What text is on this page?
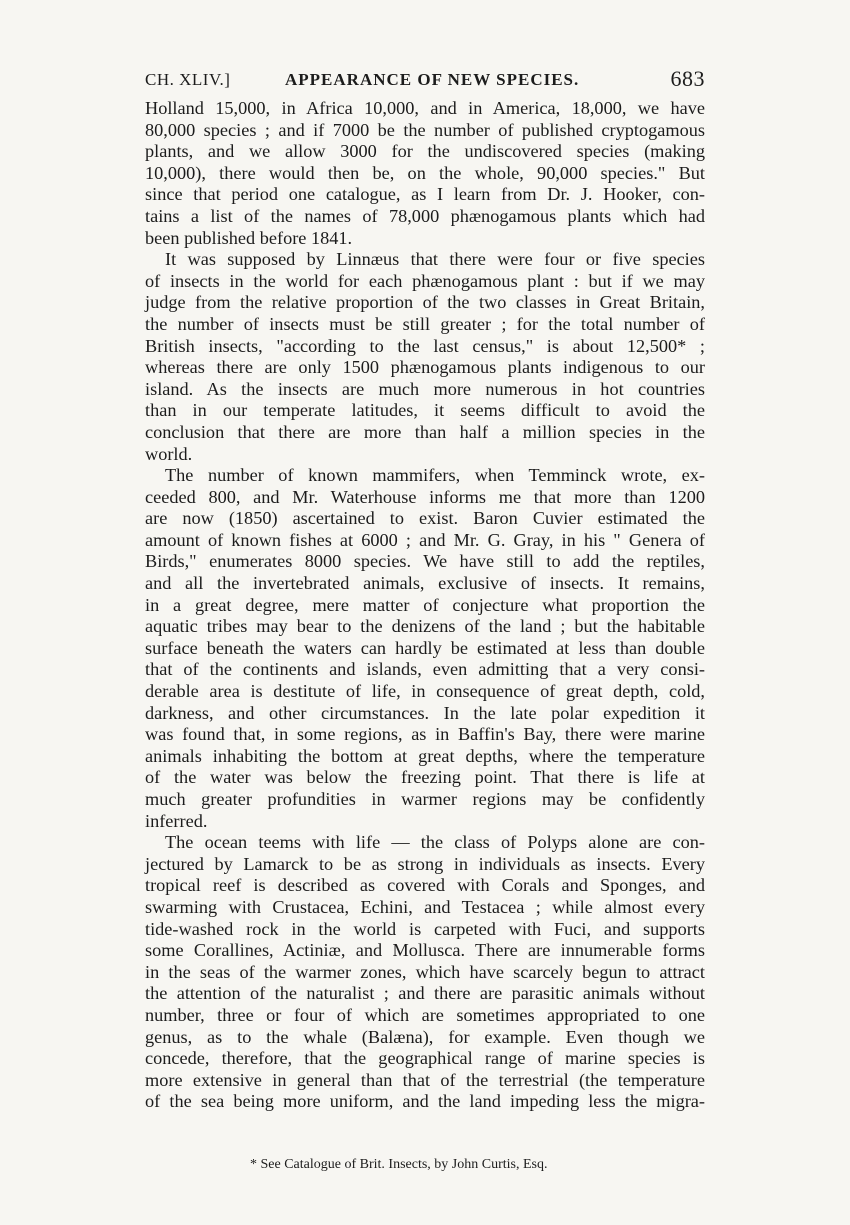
CH. XLIV.]	APPEARANCE OF NEW SPECIES.	683
Holland 15,000, in Africa 10,000, and in America, 18,000, we have
80,000 species ; and if 7000 be the number of published cryptogamous
plants, and we allow 3000 for the undiscovered species (making
10,000), there would then be, on the whole, 90,000 species." But
since that period one catalogue, as I learn from Dr. J. Hooker, con-
tains a list of the names of 78,000 phænogamous plants which had
been published before 1841.
It was supposed by Linnæus that there were four or five species
of insects in the world for each phænogamous plant : but if we may
judge from the relative proportion of the two classes in Great Britain,
the number of insects must be still greater ; for the total number of
British insects, "according to the last census," is about 12,500* ;
whereas there are only 1500 phænogamous plants indigenous to our
island. As the insects are much more numerous in hot countries
than in our temperate latitudes, it seems difficult to avoid the
conclusion that there are more than half a million species in the
world.
The number of known mammifers, when Temminck wrote, ex-
ceeded 800, and Mr. Waterhouse informs me that more than 1200
are now (1850) ascertained to exist. Baron Cuvier estimated the
amount of known fishes at 6000 ; and Mr. G. Gray, in his " Genera of
Birds," enumerates 8000 species. We have still to add the reptiles,
and all the invertebrated animals, exclusive of insects. It remains,
in a great degree, mere matter of conjecture what proportion the
aquatic tribes may bear to the denizens of the land ; but the habitable
surface beneath the waters can hardly be estimated at less than double
that of the continents and islands, even admitting that a very consi-
derable area is destitute of life, in consequence of great depth, cold,
darkness, and other circumstances. In the late polar expedition it
was found that, in some regions, as in Baffin's Bay, there were marine
animals inhabiting the bottom at great depths, where the temperature
of the water was below the freezing point. That there is life at
much greater profundities in warmer regions may be confidently
inferred.
The ocean teems with life — the class of Polyps alone are con-
jectured by Lamarck to be as strong in individuals as insects. Every
tropical reef is described as covered with Corals and Sponges, and
swarming with Crustacea, Echini, and Testacea ; while almost every
tide-washed rock in the world is carpeted with Fuci, and supports
some Corallines, Actiniæ, and Mollusca. There are innumerable forms
in the seas of the warmer zones, which have scarcely begun to attract
the attention of the naturalist ; and there are parasitic animals without
number, three or four of which are sometimes appropriated to one
genus, as to the whale (Balæna), for example. Even though we
concede, therefore, that the geographical range of marine species is
more extensive in general than that of the terrestrial (the temperature
of the sea being more uniform, and the land impeding less the migra-
* See Catalogue of Brit. Insects, by John Curtis, Esq.
